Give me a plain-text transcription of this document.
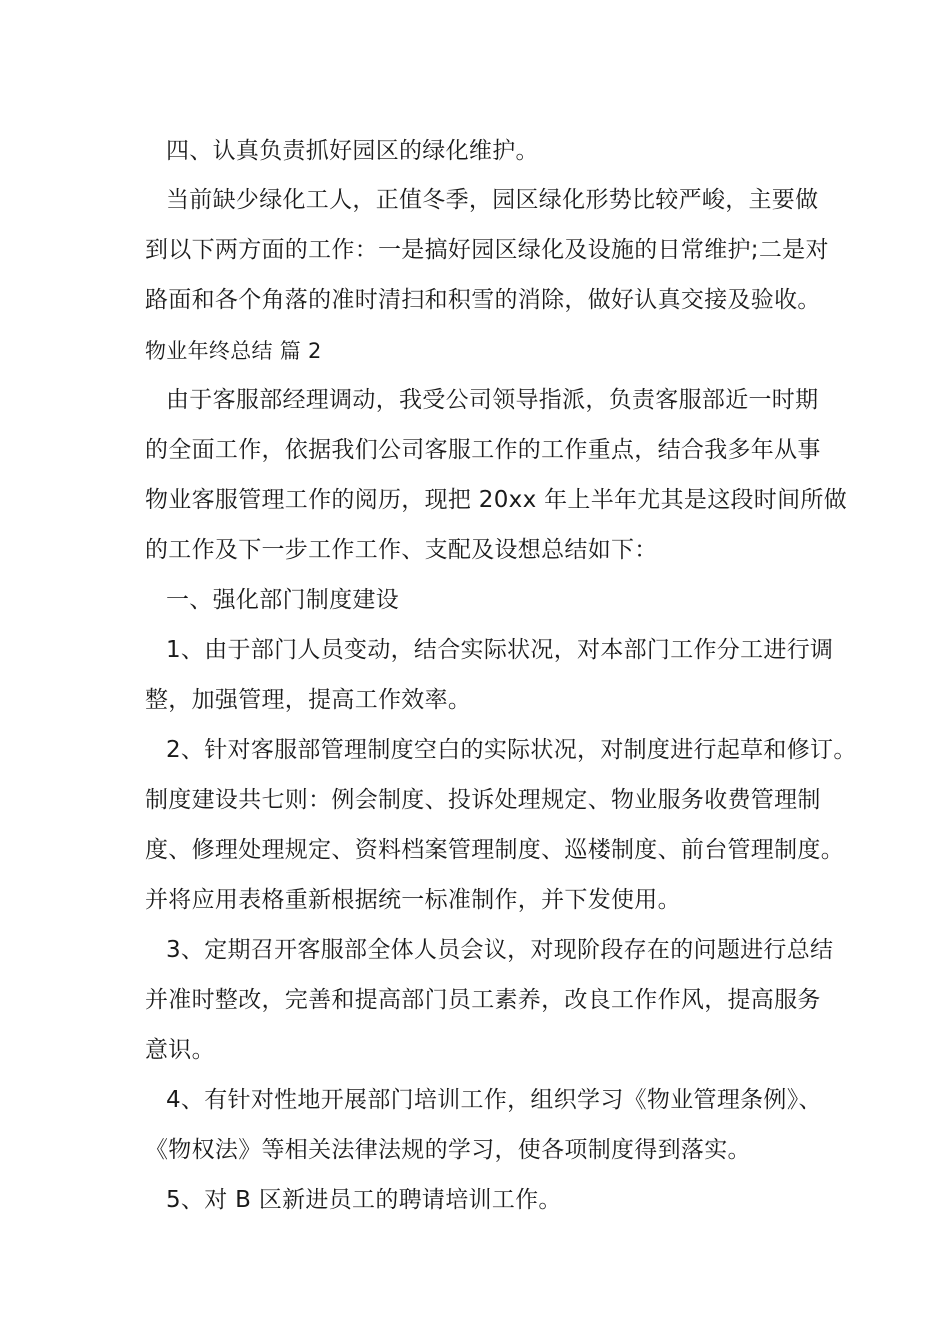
四、认真负责抓好园区的绿化维护。
当前缺少绿化工人，正值冬季，园区绿化形势比较严峻，主要做
到以下两方面的工作：一是搞好园区绿化及设施的日常维护;二是对
路面和各个角落的准时清扫和积雪的消除，做好认真交接及验收。
物业年终总结 篇 2
由于客服部经理调动，我受公司领导指派，负责客服部近一时期
的全面工作，依据我们公司客服工作的工作重点，结合我多年从事
物业客服管理工作的阅历，现把 20xx 年上半年尤其是这段时间所做
的工作及下一步工作工作、支配及设想总结如下：
一、强化部门制度建设
1、由于部门人员变动，结合实际状况，对本部门工作分工进行调
整，加强管理，提高工作效率。
2、针对客服部管理制度空白的实际状况，对制度进行起草和修订。
制度建设共七则：例会制度、投诉处理规定、物业服务收费管理制
度、修理处理规定、资料档案管理制度、巡楼制度、前台管理制度。
并将应用表格重新根据统一标准制作，并下发使用。
3、定期召开客服部全体人员会议，对现阶段存在的问题进行总结
并准时整改，完善和提高部门员工素养，改良工作作风，提高服务
意识。
4、有针对性地开展部门培训工作，组织学习《物业管理条例》、
《物权法》等相关法律法规的学习，使各项制度得到落实。
5、对 B 区新进员工的聘请培训工作。
